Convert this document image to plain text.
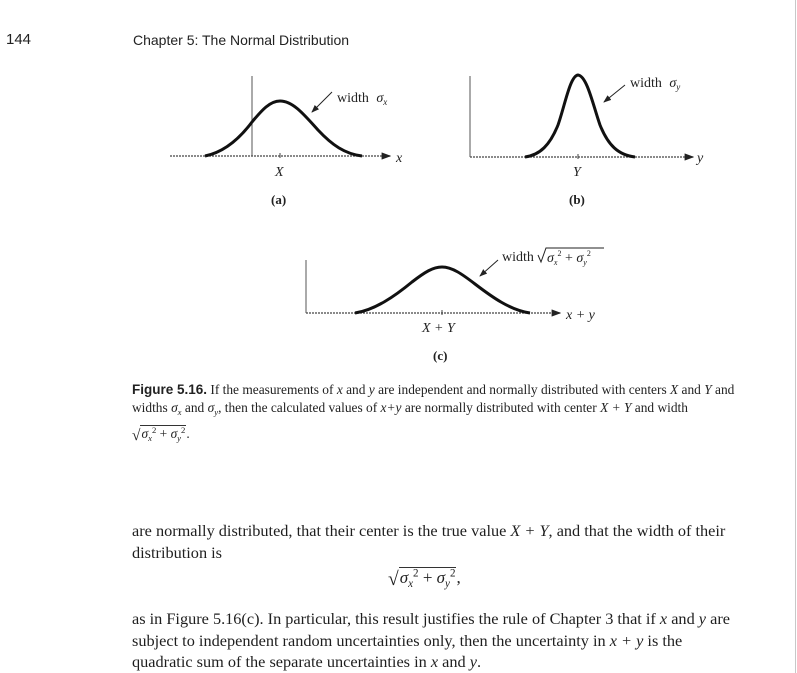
144	Chapter 5: The Normal Distribution
width $\sigma_x$
x
X
(a)
width $\sigma_y$
y
Y
(b)
width $\sigma_x^2 + \sigma_y^2$
x + y
X + Y
(c)
Figure 5.16. If the measurements of x and y are independent and normally distributed with centers X and Y and widths $\sigma_x$ and $\sigma_y$, then the calculated values of x+y are normally distributed with center X + Y and width $√\sigma_x^2 + \sigma_y^2$.
are normally distributed, that their center is the true value X + Y, and that the width of their distribution is
$√\sigma_x^2 + \sigma_y^2$,
as in Figure 5.16(c). In particular, this result justifies the rule of Chapter 3 that if x and y are subject to independent random uncertainties only, then the uncertainty in x + y is the quadratic sum of the separate uncertainties in x and y.
